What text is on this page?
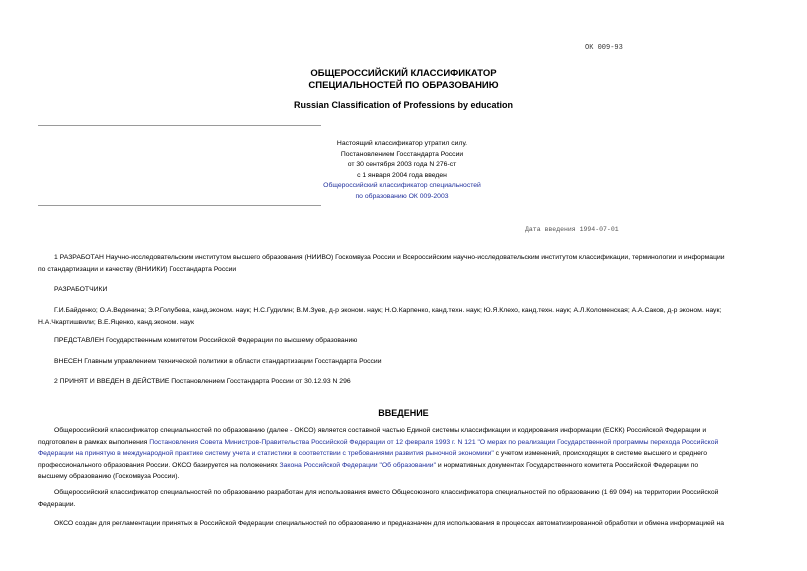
ОК 009-93
ОБЩЕРОССИЙСКИЙ КЛАССИФИКАТОР
СПЕЦИАЛЬНОСТЕЙ ПО ОБРАЗОВАНИЮ
Russian Classification of Professions by education
Настоящий классификатор утратил силу.
Постановлением Госстандарта России
от 30 сентября 2003 года N 276-ст
с 1 января 2004 года введен
Общероссийский классификатор специальностей
по образованию ОК 009-2003
Дата введения 1994-07-01
1 РАЗРАБОТАН Научно-исследовательским институтом высшего образования (НИИВО) Госкомвуза России и Всероссийским научно-исследовательским институтом классификации, терминологии и информации
по стандартизации и качеству (ВНИИКИ) Госстандарта России
РАЗРАБОТЧИКИ
Г.И.Байденко; О.А.Веденина; Э.Р.Голубева, канд.эконом. наук; Н.С.Гудилин; В.М.Зуев, д-р эконом. наук; Н.О.Карпенко, канд.техн. наук; Ю.Я.Клехо, канд.техн. наук; А.Л.Коломенская; А.А.Саков, д-р эконом. наук;
Н.А.Чкартишвили; В.Е.Яценко, канд.эконом. наук
ПРЕДСТАВЛЕН Государственным комитетом Российской Федерации по высшему образованию
ВНЕСЕН Главным управлением технической политики в области стандартизации Госстандарта России
2 ПРИНЯТ И ВВЕДЕН В ДЕЙСТВИЕ Постановлением Госстандарта России от 30.12.93 N 296
ВВЕДЕНИЕ
Общероссийский классификатор специальностей по образованию (далее - ОКСО) является составной частью Единой системы классификации и кодирования информации (ЕСКК) Российской Федерации и
подготовлен в рамках выполнения Постановления Совета Министров-Правительства Российской Федерации от 12 февраля 1993 г. N 121 "О мерах по реализации Государственной программы перехода Российской
Федерации на принятую в международной практике систему учета и статистики в соответствии с требованиями развития рыночной экономики" с учетом изменений, происходящих в системе высшего и среднего
профессионального образования России. ОКСО базируется на положениях Закона Российской Федерации "Об образовании" и нормативных документах Государственного комитета Российской Федерации по
высшему образованию (Госкомвуза России).
Общероссийский классификатор специальностей по образованию разработан для использования вместо Общесоюзного классификатора специальностей по образованию (1 69 094) на территории Российской
Федерации.
ОКСО создан для регламентации принятых в Российской Федерации специальностей по образованию и предназначен для использования в процессах автоматизированной обработки и обмена информацией на
